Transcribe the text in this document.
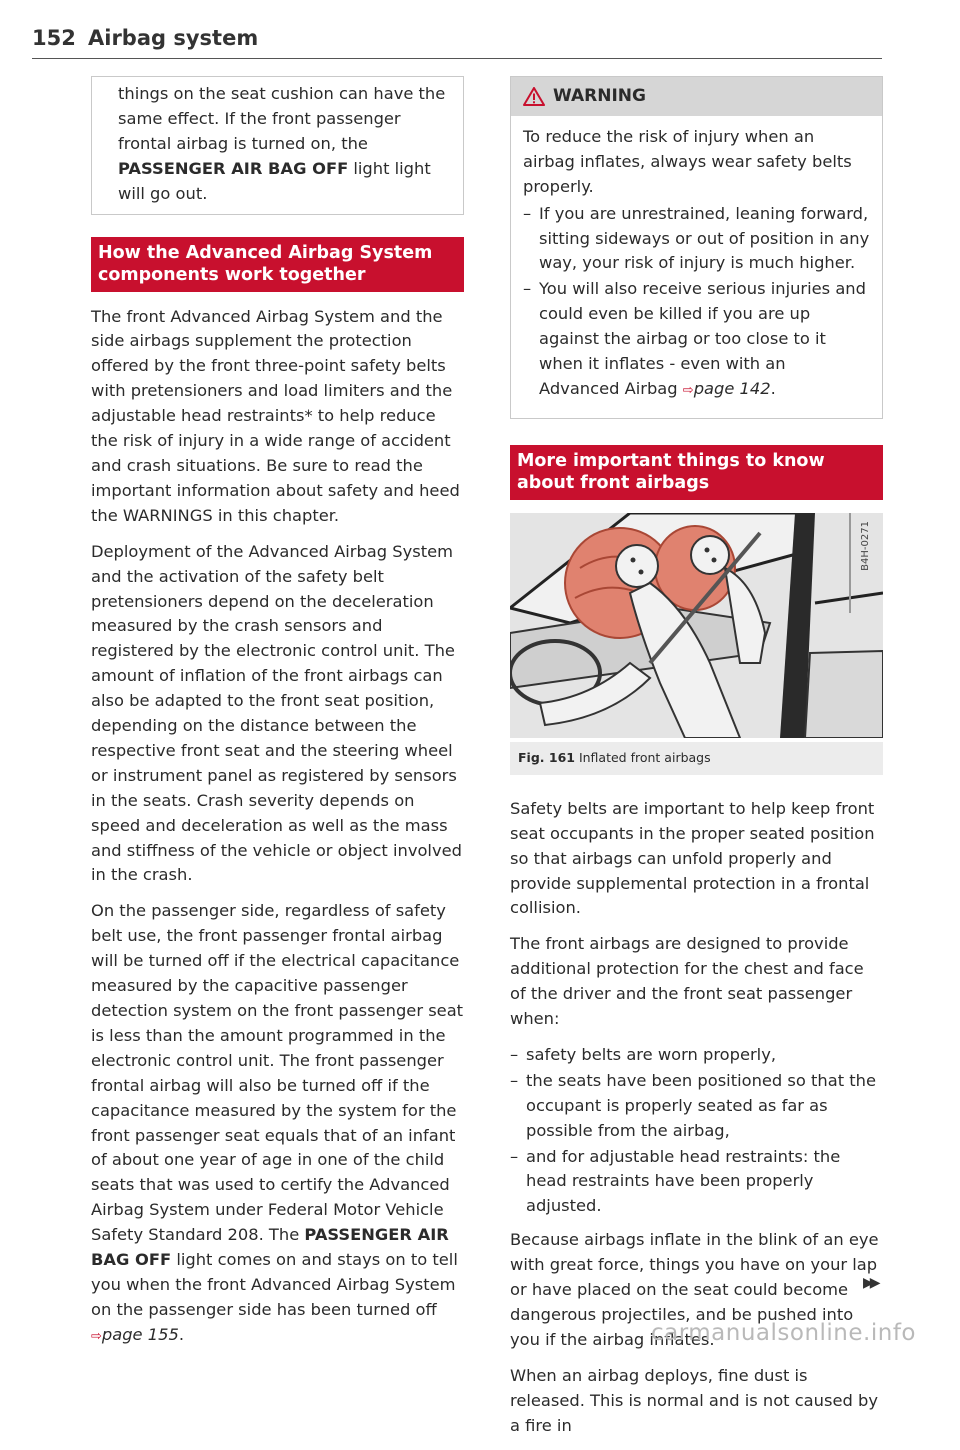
152 Airbag system

things on the seat cushion can have the same effect. If the front passenger frontal airbag is turned on, the PASSENGER AIR BAG OFF light light will go out.

How the Advanced Airbag System components work together

The front Advanced Airbag System and the side airbags supplement the protection offered by the front three-point safety belts with pretensioners and load limiters and the adjustable head restraints* to help reduce the risk of injury in a wide range of accident and crash situations. Be sure to read the important information about safety and heed the WARNINGS in this chapter.

Deployment of the Advanced Airbag System and the activation of the safety belt pretensioners depend on the deceleration measured by the crash sensors and registered by the electronic control unit. The amount of inflation of the front airbags can also be adapted to the front seat position, depending on the distance between the respective front seat and the steering wheel or instrument panel as registered by sensors in the seats. Crash severity depends on speed and deceleration as well as the mass and stiffness of the vehicle or object involved in the crash.

On the passenger side, regardless of safety belt use, the front passenger frontal airbag will be turned off if the electrical capacitance measured by the capacitive passenger detection system on the front passenger seat is less than the amount programmed in the electronic control unit. The front passenger frontal airbag will also be turned off if the capacitance measured by the system for the front passenger seat equals that of an infant of about one year of age in one of the child seats that was used to certify the Advanced Airbag System under Federal Motor Vehicle Safety Standard 208. The PASSENGER AIR BAG OFF light comes on and stays on to tell you when the front Advanced Airbag System on the passenger side has been turned off ⇨page 155.

WARNING

To reduce the risk of injury when an airbag inflates, always wear safety belts properly.

– If you are unrestrained, leaning forward, sitting sideways or out of position in any way, your risk of injury is much higher.
– You will also receive serious injuries and could even be killed if you are up against the airbag or too close to it when it inflates - even with an Advanced Airbag ⇨page 142.
More important things to know about front airbags
B4H-0271
Fig. 161 Inflated front airbags

Safety belts are important to help keep front seat occupants in the proper seated position so that airbags can unfold properly and provide supplemental protection in a frontal collision.

The front airbags are designed to provide additional protection for the chest and face of the driver and the front seat passenger when:

– safety belts are worn properly,
– the seats have been positioned so that the occupant is properly seated as far as possible from the airbag,
– and for adjustable head restraints: the head restraints have been properly adjusted.

Because airbags inflate in the blink of an eye with great force, things you have on your lap or have placed on the seat could become dangerous projectiles, and be pushed into you if the airbag inflates.

When an airbag deploys, fine dust is released. This is normal and is not caused by a fire in

▶▶
carmanualsonline.info
